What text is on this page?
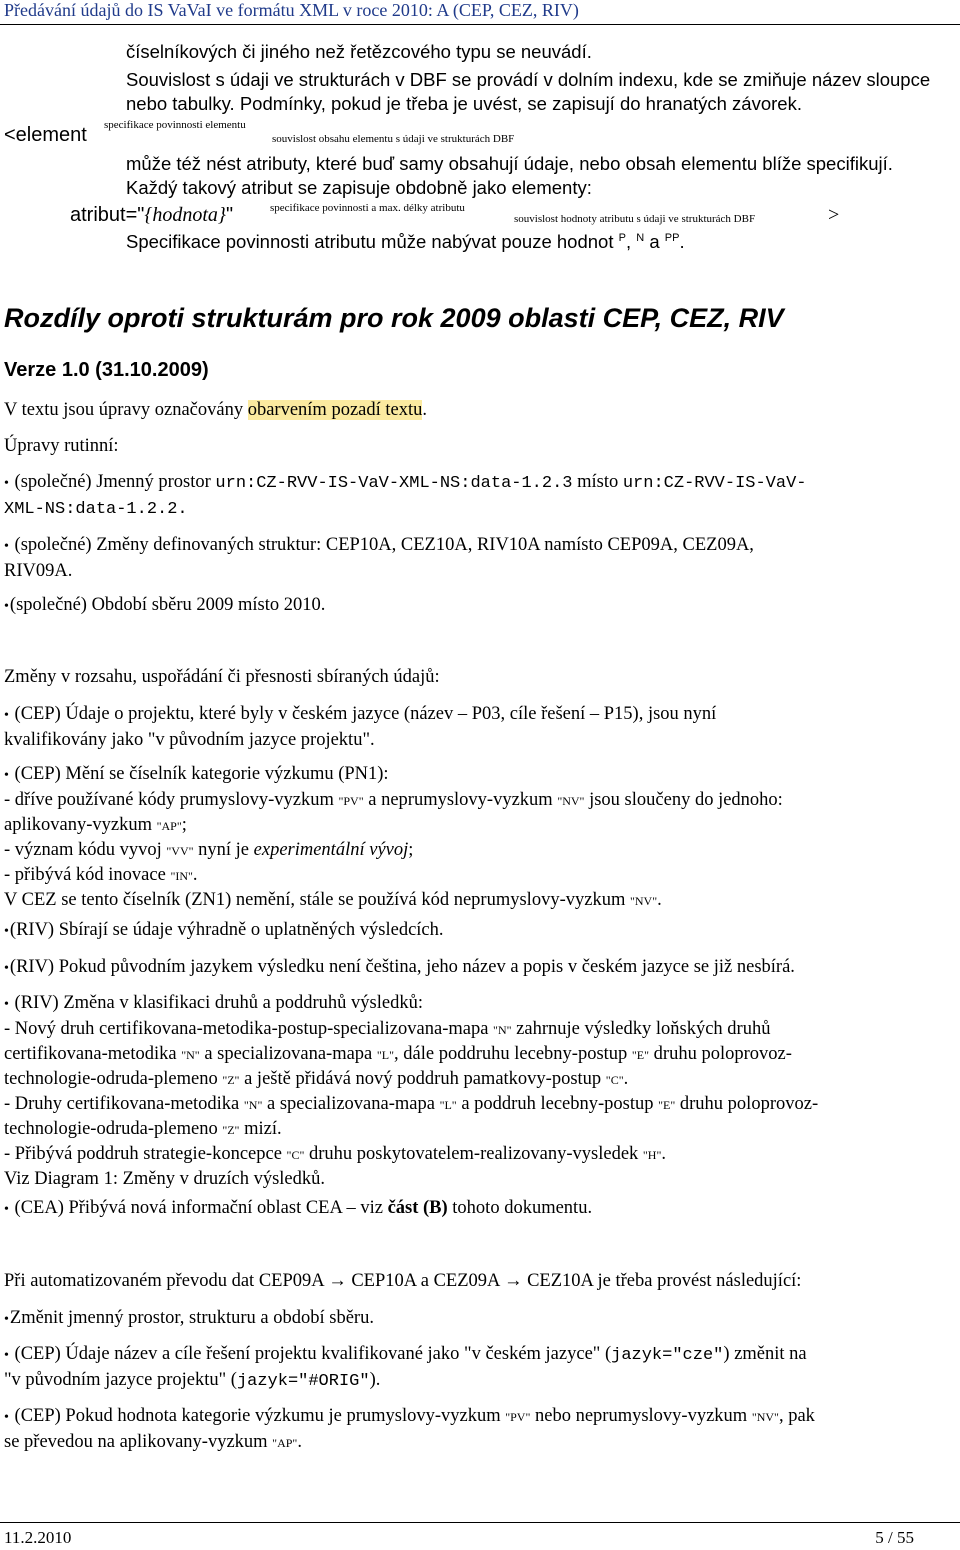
Předávání údajů do IS VaVaI ve formátu XML v roce 2010: A (CEP, CEZ, RIV)
číselníkových či jiného než řetězcového typu se neuvádí.
Souvislost s údaji ve strukturách v DBF se provádí v dolním indexu, kde se zmiňuje název sloupce
nebo tabulky. Podmínky, pokud je třeba je uvést, se zapisují do hranatých závorek.
<element specifikace povinnosti elementu
souvislost obsahu elementu s údaji ve strukturách DBF
může též nést atributy, které buď samy obsahují údaje, nebo obsah elementu blíže specifikují.
Každý takový atribut se zapisuje obdobně jako elementy:
atribut="{hodnota}"	specifikace povinnosti a max. délky atributu
souvislost hodnoty atributu s údaji ve strukturách DBF	>
Specifikace povinnosti atributu může nabývat pouze hodnot $^P$, $^N$ a $^{PP}$.
Rozdíly oproti strukturám pro rok 2009 oblasti CEP, CEZ, RIV
Verze 1.0 (31.10.2009)
V textu jsou úpravy označovány obarvením pozadí textu.
Úpravy rutinní:
• (společné) Jmenný prostor urn:CZ-RVV-IS-VaV-XML-NS:data-1.2.3 místo urn:CZ-RVV-IS-VaV-
XML-NS:data-1.2.2.
• (společné) Změny definovaných struktur: CEP10A, CEZ10A, RIV10A namísto CEP09A, CEZ09A,
RIV09A.
• (společné) Období sběru 2009 místo 2010.
Změny v rozsahu, uspořádání či přesnosti sbíraných údajů:
• (CEP) Údaje o projektu, které byly v českém jazyce (název – P03, cíle řešení – P15), jsou nyní
kvalifikovány jako "v původním jazyce projektu".
• (CEP) Mění se číselník kategorie výzkumu (PN1):
- dříve používané kódy prumyslovy-vyzkum "PV" a neprumyslovy-vyzkum "NV" jsou sloučeny do jednoho:
aplikovany-vyzkum "AP";
- význam kódu vyvoj "VV" nyní je experimentální vývoj;
- přibývá kód inovace "IN".
V CEZ se tento číselník (ZN1) nemění, stále se používá kód neprumyslovy-vyzkum "NV".
• (RIV) Sbírají se údaje výhradně o uplatněných výsledcích.
• (RIV) Pokud původním jazykem výsledku není čeština, jeho název a popis v českém jazyce se již nesbírá.
• (RIV) Změna v klasifikaci druhů a poddruhů výsledků:
- Nový druh certifikovana-metodika-postup-specializovana-mapa "N" zahrnuje výsledky loňských druhů
certifikovana-metodika "N" a specializovana-mapa "L", dále poddruhu lecebny-postup "E" druhu poloprovoz-
technologie-odruda-plemeno "Z" a ještě přidává nový poddruh pamatkovy-postup "C".
- Druhy certifikovana-metodika "N" a specializovana-mapa "L" a poddruh lecebny-postup "E" druhu poloprovoz-
technologie-odruda-plemeno "Z" mizí.
- Přibývá poddruh strategie-koncepce "C" druhu poskytovatelem-realizovany-vysledek "H".
Viz Diagram 1: Změny v druzích výsledků.
• (CEA) Přibývá nová informační oblast CEA – viz část (B) tohoto dokumentu.
Při automatizovaném převodu dat CEP09A → CEP10A a CEZ09A → CEZ10A je třeba provést následující:
• Změnit jmenný prostor, strukturu a období sběru.
• (CEP) Údaje název a cíle řešení projektu kvalifikované jako "v českém jazyce" (jazyk="cze") změnit na
"v původním jazyce projektu" (jazyk="#ORIG").
• (CEP) Pokud hodnota kategorie výzkumu je prumyslovy-vyzkum "PV" nebo neprumyslovy-vyzkum "NV", pak
se převedou na aplikovany-vyzkum "AP".
11.2.2010	5 / 55
